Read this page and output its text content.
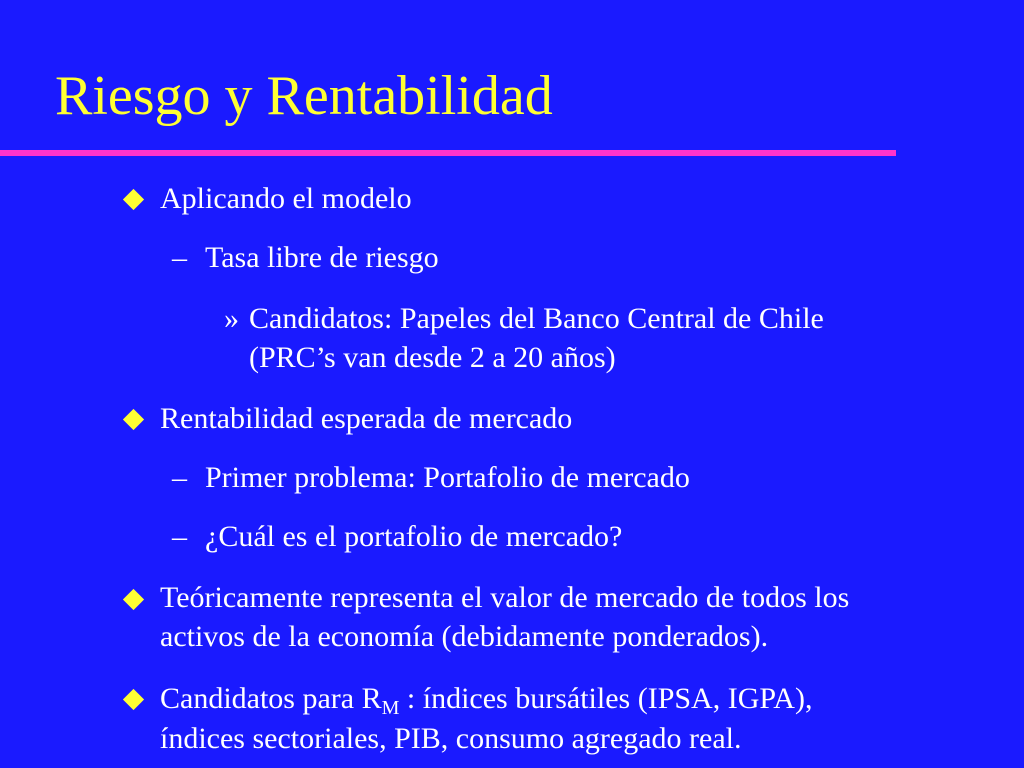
Riesgo y Rentabilidad
Aplicando el modelo
– Tasa libre de riesgo
» Candidatos: Papeles del Banco Central de Chile
(PRC’s van desde 2 a 20 años)
Rentabilidad esperada de mercado
– Primer problema: Portafolio de mercado
– ¿Cuál es el portafolio de mercado?
Teóricamente representa el valor de mercado de todos los
activos de la economía (debidamente ponderados).
Candidatos para $R_M$ : índices bursátiles (IPSA, IGPA),
índices sectoriales, PIB, consumo agregado real.
